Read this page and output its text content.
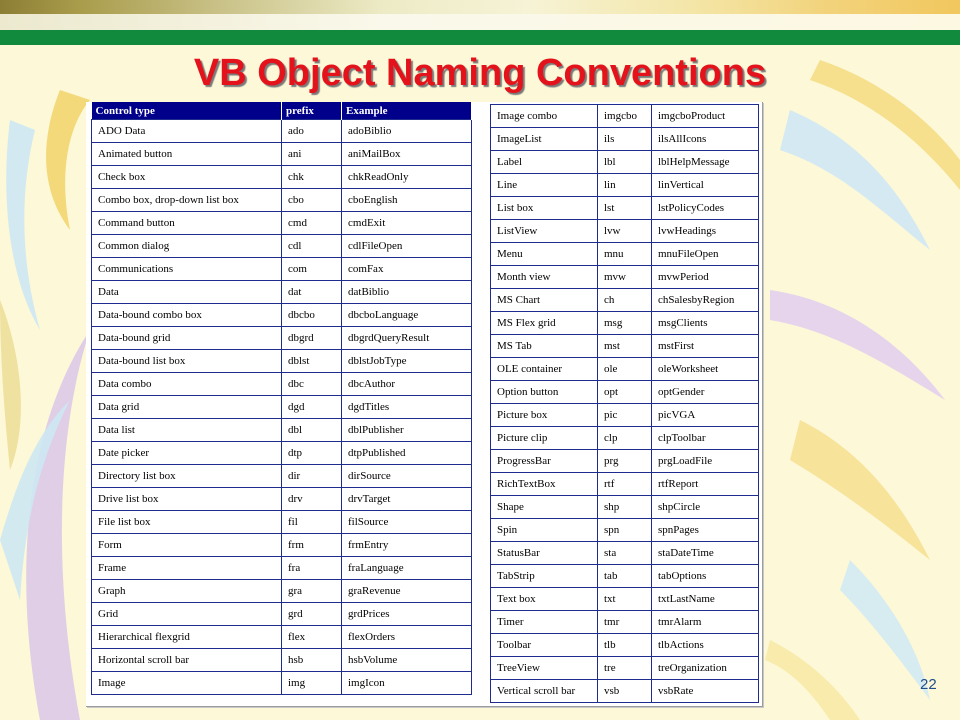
VB Object Naming Conventions
Control type	prefix	Example
ADO Data	ado	adoBiblio
Animated button	ani	aniMailBox
Check box	chk	chkReadOnly
Combo box, drop-down list box	cbo	cboEnglish
Command button	cmd	cmdExit
Common dialog	cdl	cdlFileOpen
Communications	com	comFax
Data	dat	datBiblio
Data-bound combo box	dbcbo	dbcboLanguage
Data-bound grid	dbgrd	dbgrdQueryResult
Data-bound list box	dblst	dblstJobType
Data combo	dbc	dbcAuthor
Data grid	dgd	dgdTitles
Data list	dbl	dblPublisher
Date picker	dtp	dtpPublished
Directory list box	dir	dirSource
Drive list box	drv	drvTarget
File list box	fil	filSource
Form	frm	frmEntry
Frame	fra	fraLanguage
Graph	gra	graRevenue
Grid	grd	grdPrices
Hierarchical flexgrid	flex	flexOrders
Horizontal scroll bar	hsb	hsbVolume
Image	img	imgIcon
Image combo	imgcbo	imgcboProduct
ImageList	ils	ilsAllIcons
Label	lbl	lblHelpMessage
Line	lin	linVertical
List box	lst	lstPolicyCodes
ListView	lvw	lvwHeadings
Menu	mnu	mnuFileOpen
Month view	mvw	mvwPeriod
MS Chart	ch	chSalesbyRegion
MS Flex grid	msg	msgClients
MS Tab	mst	mstFirst
OLE container	ole	oleWorksheet
Option button	opt	optGender
Picture box	pic	picVGA
Picture clip	clp	clpToolbar
ProgressBar	prg	prgLoadFile
RichTextBox	rtf	rtfReport
Shape	shp	shpCircle
Spin	spn	spnPages
StatusBar	sta	staDateTime
TabStrip	tab	tabOptions
Text box	txt	txtLastName
Timer	tmr	tmrAlarm
Toolbar	tlb	tlbActions
TreeView	tre	treOrganization
Vertical scroll bar	vsb	vsbRate	22
